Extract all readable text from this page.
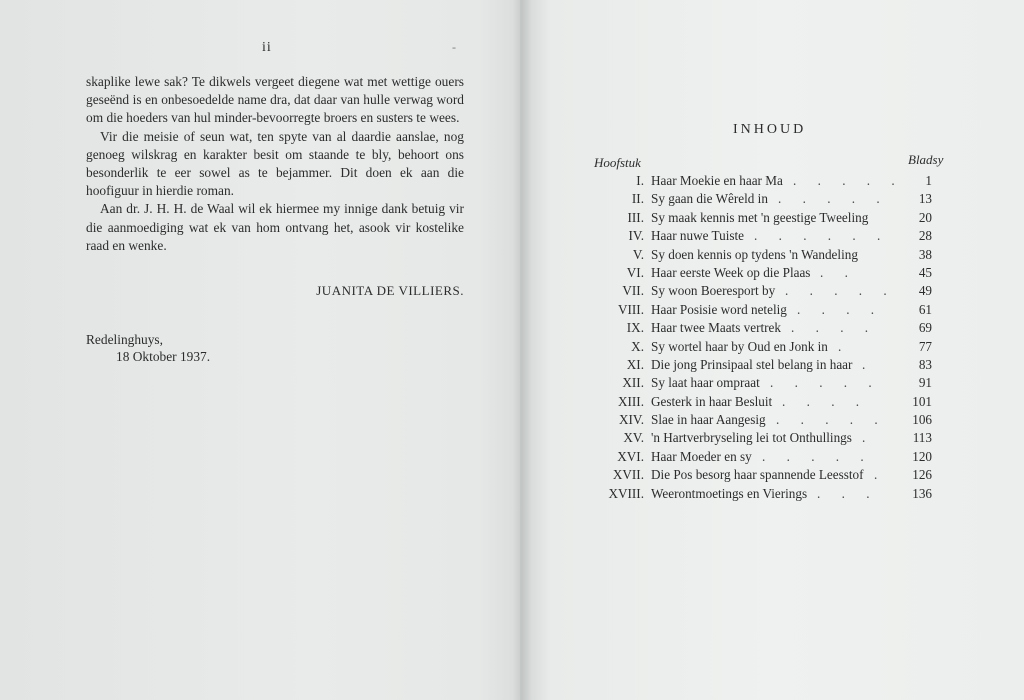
ii	-

skaplike lewe sak? Te dikwels vergeet diegene wat met wettige ouers geseënd is en onbesoedelde name dra, dat daar van hulle verwag word om die hoeders van hul minder-bevoorregte broers en susters te wees.

Vir die meisie of seun wat, ten spyte van al daardie aanslae, nog genoeg wilskrag en karakter besit om staande te bly, behoort ons besonderlik te eer sowel as te bejammer. Dit doen ek aan die hoofiguur in hierdie roman.

Aan dr. J. H. H. de Waal wil ek hiermee my innige dank betuig vir die aanmoediging wat ek van hom ontvang het, asook vir kostelike raad en wenke.

JUANITA DE VILLIERS.
Redelinghuys,
18 Oktober 1937.
INHOUD
Hoofstuk	Bladsy
I. Haar Moekie en haar Ma . . . . . 1
II. Sy gaan die Wêreld in . . . . . 13
III. Sy maak kennis met 'n geestige Tweeling	20
IV. Haar nuwe Tuiste . . . . . . 28
V. Sy doen kennis op tydens 'n Wandeling	38
VI. Haar eerste Week op die Plaas . .	45
VII. Sy woon Boeresport by . . . . . 49
VIII. Haar Posisie word netelig . . . .	61
IX. Haar twee Maats vertrek . . . .	69
X. Sy wortel haar by Oud en Jonk in .	77
XI. Die jong Prinsipaal stel belang in haar .	83
XII. Sy laat haar ompraat . . . . .	91
XIII. Gesterk in haar Besluit . . . .	101
XIV. Slae in haar Aangesig . . . . . 106
XV. 'n Hartverbryseling lei tot Onthullings .	113
XVI. Haar Moeder en sy . . . . .	120
XVII. Die Pos besorg haar spannende Leesstof . 126
XVIII. Weerontmoetings en Vierings . . .	136
